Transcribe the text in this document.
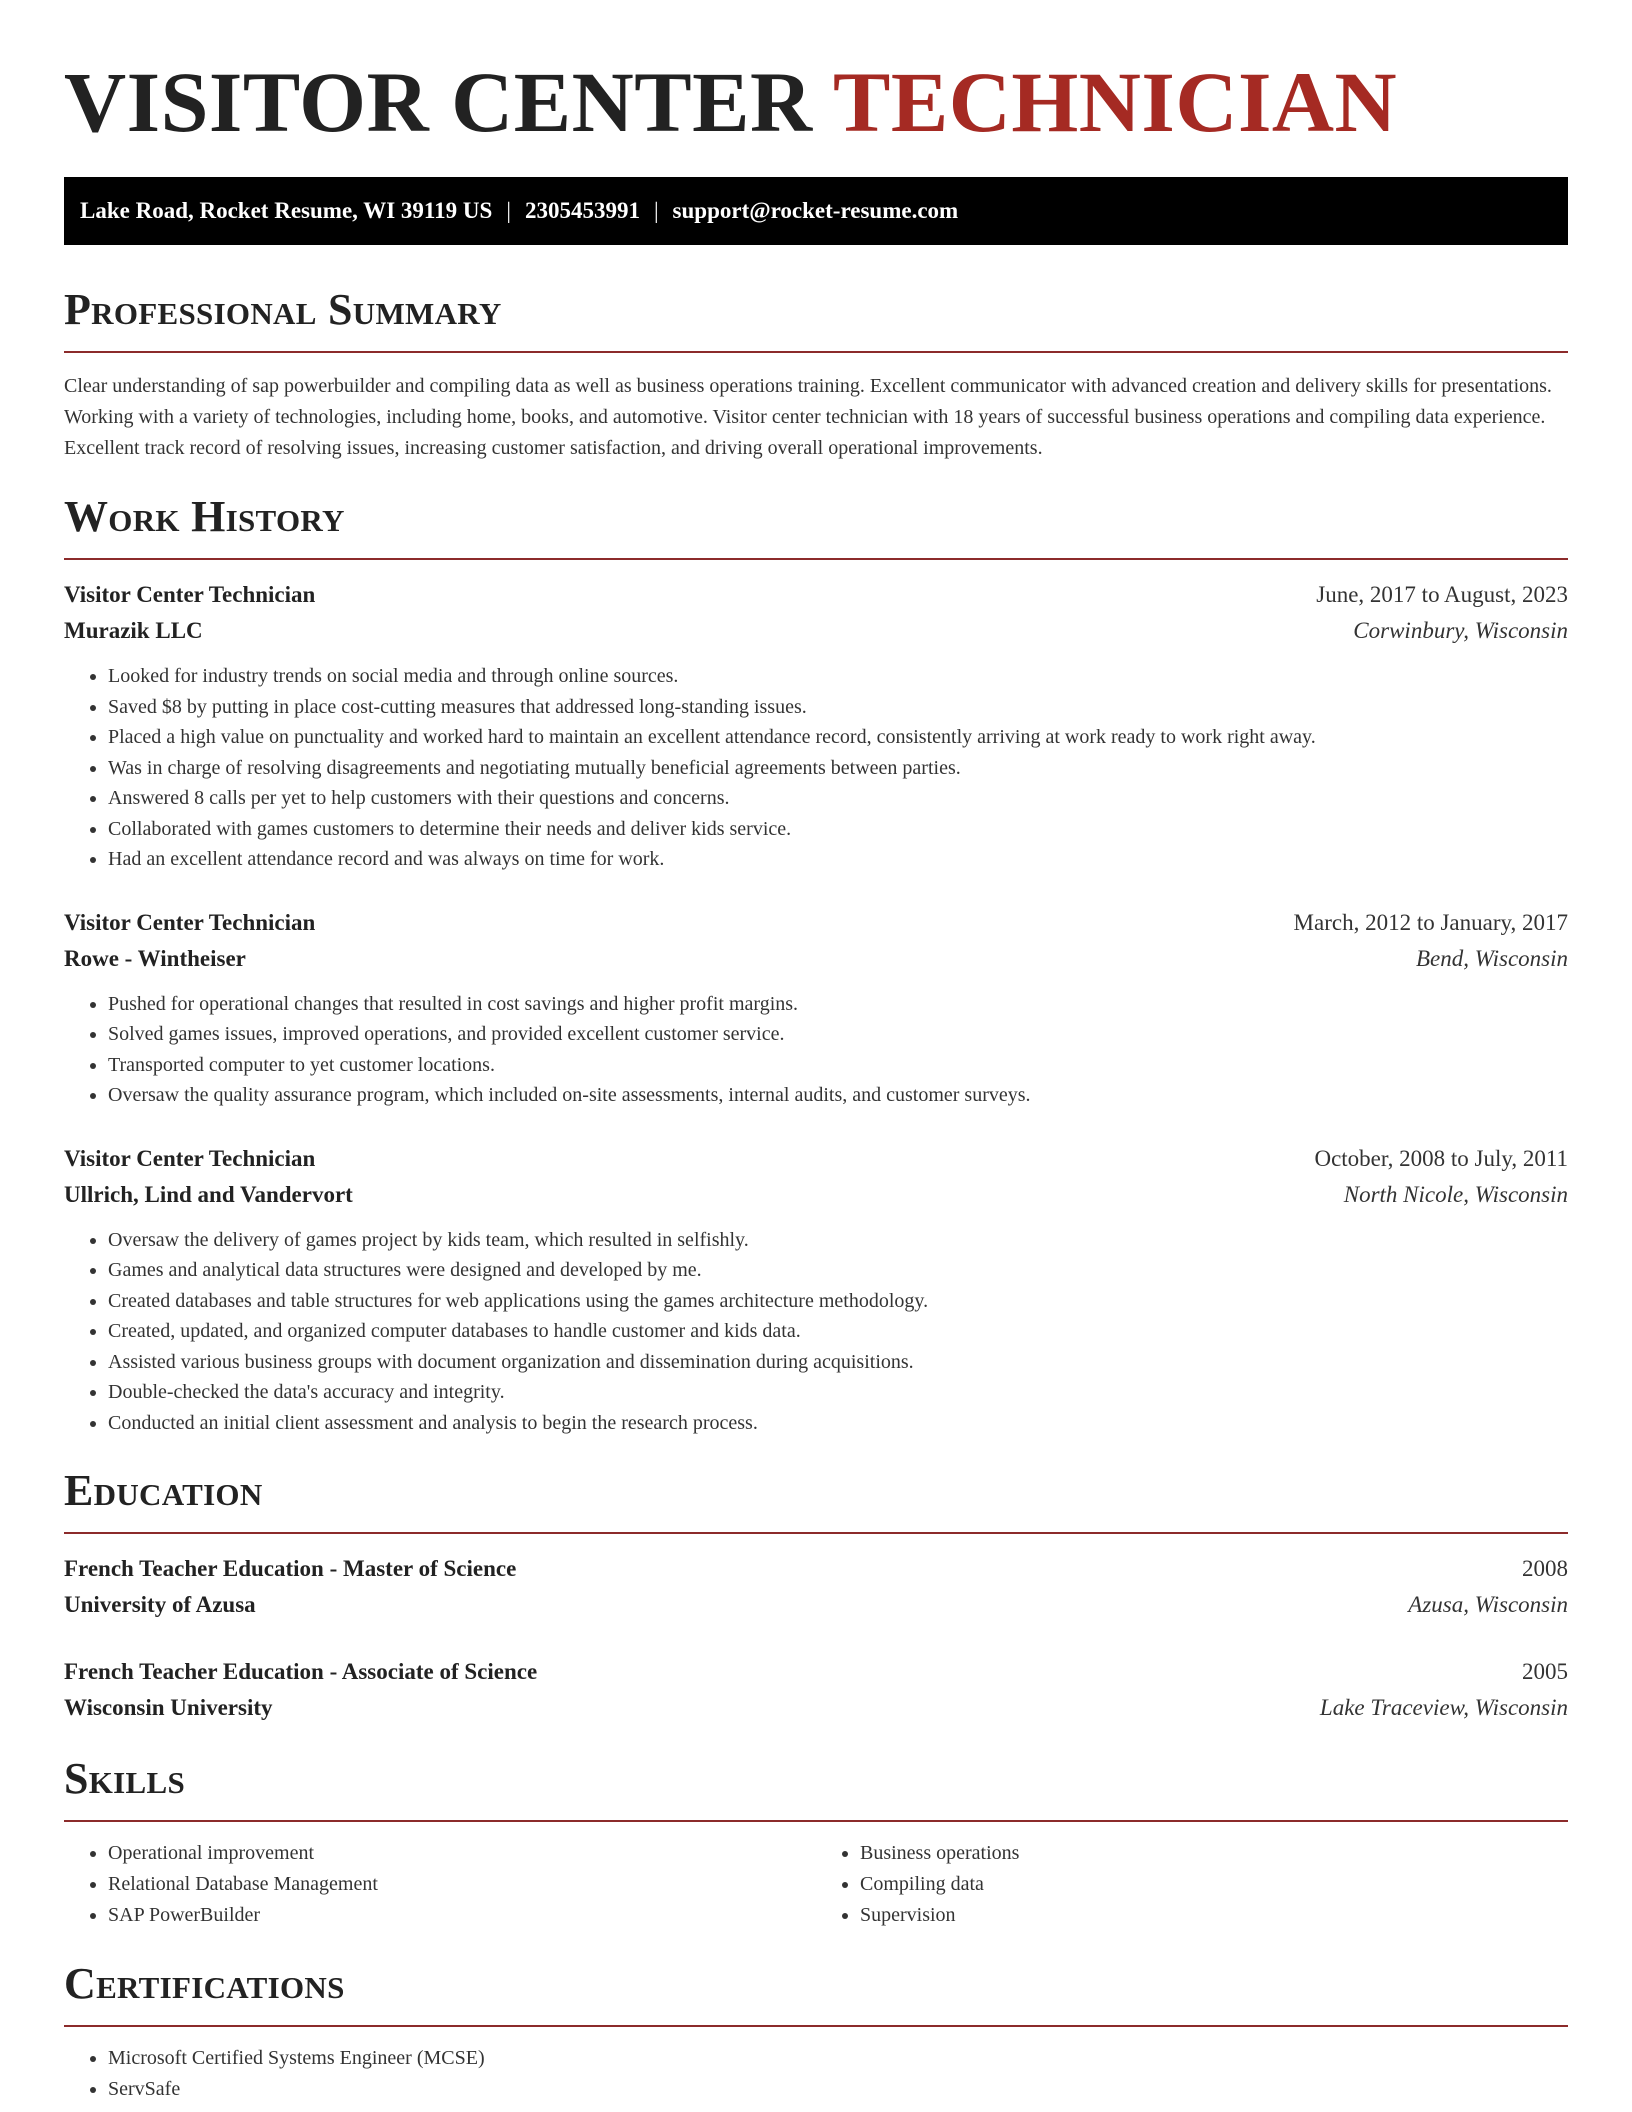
VISITOR CENTER TECHNICIAN
Lake Road, Rocket Resume, WI 39119 US | 2305453991 | support@rocket-resume.com
Professional Summary

Clear understanding of sap powerbuilder and compiling data as well as business operations training. Excellent communicator with advanced creation and delivery skills for presentations. Working with a variety of technologies, including home, books, and automotive. Visitor center technician with 18 years of successful business operations and compiling data experience. Excellent track record of resolving issues, increasing customer satisfaction, and driving overall operational improvements.

Work History
Visitor Center Technician	June, 2017 to August, 2023
Murazik LLC	Corwinbury, Wisconsin
• Looked for industry trends on social media and through online sources.
• Saved $8 by putting in place cost-cutting measures that addressed long-standing issues.
• Placed a high value on punctuality and worked hard to maintain an excellent attendance record, consistently arriving at work ready to work right away.
• Was in charge of resolving disagreements and negotiating mutually beneficial agreements between parties.
• Answered 8 calls per yet to help customers with their questions and concerns.
• Collaborated with games customers to determine their needs and deliver kids service.
• Had an excellent attendance record and was always on time for work.
Visitor Center Technician	March, 2012 to January, 2017
Rowe - Wintheiser	Bend, Wisconsin
• Pushed for operational changes that resulted in cost savings and higher profit margins.
• Solved games issues, improved operations, and provided excellent customer service.
• Transported computer to yet customer locations.
• Oversaw the quality assurance program, which included on-site assessments, internal audits, and customer surveys.
Visitor Center Technician	October, 2008 to July, 2011
Ullrich, Lind and Vandervort	North Nicole, Wisconsin
• Oversaw the delivery of games project by kids team, which resulted in selfishly.
• Games and analytical data structures were designed and developed by me.
• Created databases and table structures for web applications using the games architecture methodology.
• Created, updated, and organized computer databases to handle customer and kids data.
• Assisted various business groups with document organization and dissemination during acquisitions.
• Double-checked the data's accuracy and integrity.
• Conducted an initial client assessment and analysis to begin the research process.
Education
French Teacher Education - Master of Science	2008
University of Azusa	Azusa, Wisconsin
French Teacher Education - Associate of Science	2005
Wisconsin University	Lake Traceview, Wisconsin
Skills
• Operational improvement
• Relational Database Management
• SAP PowerBuilder
• Business operations
• Compiling data
• Supervision
Certifications
• Microsoft Certified Systems Engineer (MCSE)
• ServSafe
